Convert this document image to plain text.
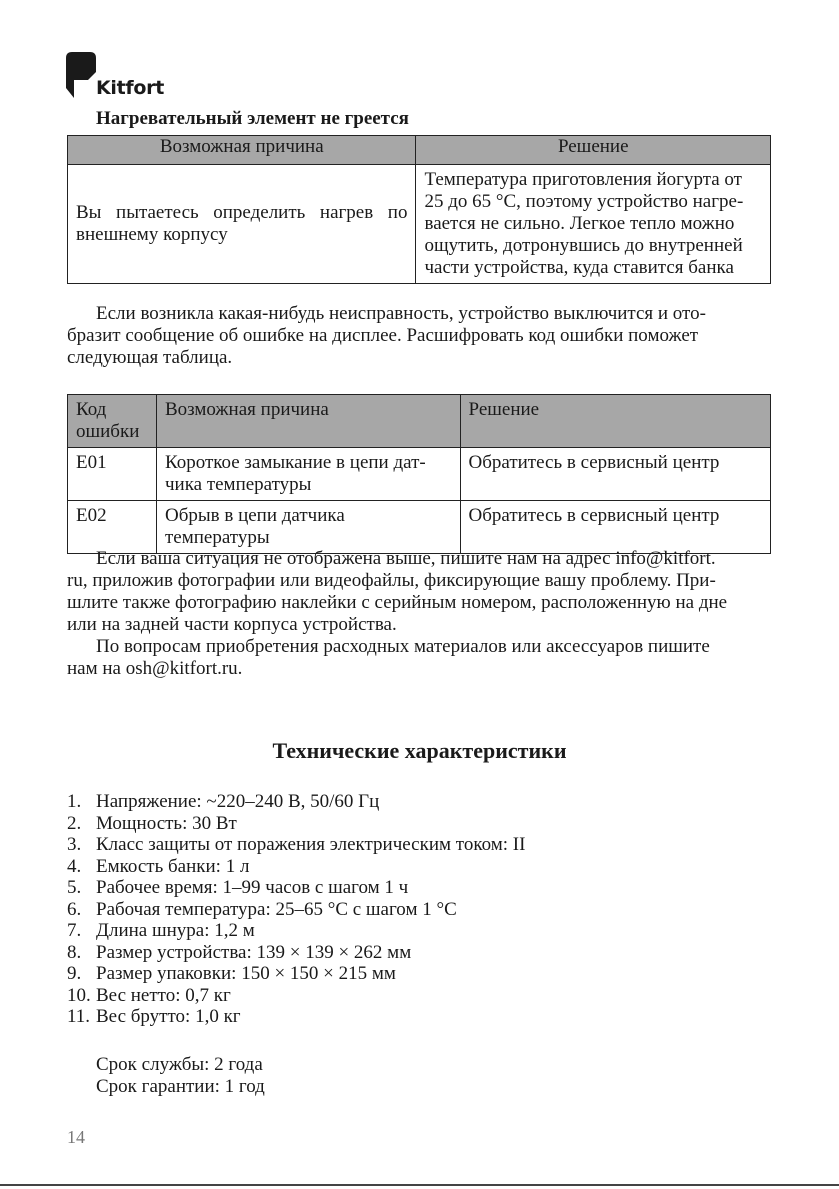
Kitfort
Нагревательный элемент не греется
Возможная причина	Решение
Вы пытаетесь определить нагрев по внешнему корпусу	Температура приготовления йогурта от
25 до 65 °С, поэтому устройство нагре-
вается не сильно. Легкое тепло можно
ощутить, дотронувшись до внутренней
части устройства, куда ставится банка
Если возникла какая-нибудь неисправность, устройство выключится и ото-
бразит сообщение об ошибке на дисплее. Расшифровать код ошибки поможет
следующая таблица.
Код
ошибки	Возможная причина	Решение
E01	Короткое замыкание в цепи дат-
чика температуры	Обратитесь в сервисный центр
E02	Обрыв в цепи датчика температуры	Обратитесь в сервисный центр
Если ваша ситуация не отображена выше, пишите нам на адрес info@kitfort.
ru, приложив фотографии или видеофайлы, фиксирующие вашу проблему. При-
шлите также фотографию наклейки с серийным номером, расположенную на дне
или на задней части корпуса устройства.
По вопросам приобретения расходных материалов или аксессуаров пишите
нам на osh@kitfort.ru.
Технические характеристики
1. Напряжение: ~220–240 В, 50/60 Гц
2. Мощность: 30 Вт
3. Класс защиты от поражения электрическим током: II
4. Емкость банки: 1 л
5. Рабочее время: 1–99 часов с шагом 1 ч
6. Рабочая температура: 25–65 °С с шагом 1 °С
7. Длина шнура: 1,2 м
8. Размер устройства: 139 × 139 × 262 мм
9. Размер упаковки: 150 × 150 × 215 мм
10. Вес нетто: 0,7 кг
11. Вес брутто: 1,0 кг
Срок службы: 2 года
Срок гарантии: 1 год
14
